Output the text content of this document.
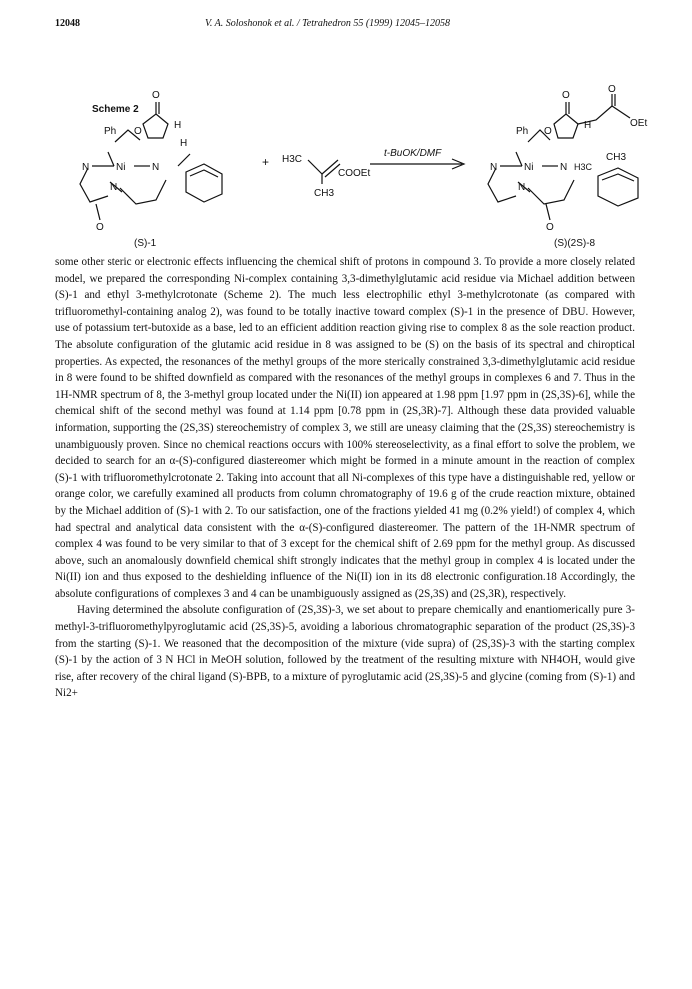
12048	V. A. Soloshonok et al. / Tetrahedron 55 (1999) 12045–12058
Scheme 2
Ph O
O
H
H
N	Ni	N
N
O
+ H3C
COOEt
CH3
t-BuOK/DMF
Ph O
O
O
H	OEt
N	Ni	N H3C
CH3
N
O
(S)-1	(S)(2S)-8

some other steric or electronic effects influencing the chemical shift of protons in compound 3. To provide a more closely related model, we prepared the corresponding Ni-complex containing 3,3-dimethylglutamic acid residue via Michael addition between (S)-1 and ethyl 3-methylcrotonate (Scheme 2). The much less electrophilic ethyl 3-methylcrotonate (as compared with trifluoromethyl-containing analog 2), was found to be totally inactive toward complex (S)-1 in the presence of DBU. However, use of potassium tert-butoxide as a base, led to an efficient addition reaction giving rise to complex 8 as the sole reaction product. The absolute configuration of the glutamic acid residue in 8 was assigned to be (S) on the basis of its spectral and chiroptical properties. As expected, the resonances of the methyl groups of the more sterically constrained 3,3-dimethylglutamic acid residue in 8 were found to be shifted downfield as compared with the resonances of the methyl groups in complexes 6 and 7. Thus in the 1H-NMR spectrum of 8, the 3-methyl group located under the Ni(II) ion appeared at 1.98 ppm [1.97 ppm in (2S,3S)-6], while the chemical shift of the second methyl was found at 1.14 ppm [0.78 ppm in (2S,3R)-7]. Although these data provided valuable information, supporting the (2S,3S) stereochemistry of complex 3, we still are uneasy claiming that the (2S,3S) stereochemistry is unambiguously proven. Since no chemical reactions occurs with 100% stereoselectivity, as a final effort to solve the problem, we decided to search for an α-(S)-configured diastereomer which might be formed in a minute amount in the reaction of complex (S)-1 with trifluoromethylcrotonate 2. Taking into account that all Ni-complexes of this type have a distinguishable red, yellow or orange color, we carefully examined all products from column chromatography of 19.6 g of the crude reaction mixture, obtained by the Michael addition of (S)-1 with 2. To our satisfaction, one of the fractions yielded 41 mg (0.2% yield!) of complex 4, which had spectral and analytical data consistent with the α-(S)-configured diastereomer. The pattern of the 1H-NMR spectrum of complex 4 was found to be very similar to that of 3 except for the chemical shift of 2.69 ppm for the methyl group. As discussed above, such an anomalously downfield chemical shift strongly indicates that the methyl group in complex 4 is located under the Ni(II) ion and thus exposed to the deshielding influence of the Ni(II) ion in its d8 electronic configuration.18 Accordingly, the absolute configurations of complexes 3 and 4 can be unambiguously assigned as (2S,3S) and (2S,3R), respectively.

Having determined the absolute configuration of (2S,3S)-3, we set about to prepare chemically and enantiomerically pure 3-methyl-3-trifluoromethylpyroglutamic acid (2S,3S)-5, avoiding a laborious chromatographic separation of the product (2S,3S)-3 from the starting (S)-1. We reasoned that the decomposition of the mixture (vide supra) of (2S,3S)-3 with the starting complex (S)-1 by the action of 3 N HCl in MeOH solution, followed by the treatment of the resulting mixture with NH4OH, would give rise, after recovery of the chiral ligand (S)-BPB, to a mixture of pyroglutamic acid (2S,3S)-5 and glycine (coming from (S)-1) and Ni2+
